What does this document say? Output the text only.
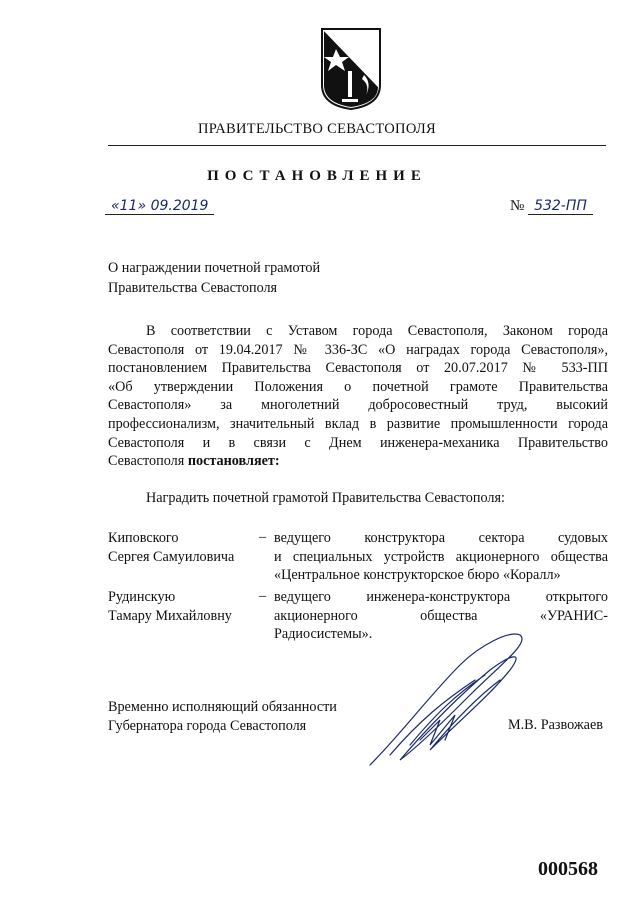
ПРАВИТЕЛЬСТВО СЕВАСТОПОЛЯ
ПОСТАНОВЛЕНИЕ
«11» 09.2019	№ 532-ПП
О награждении почетной грамотой
Правительства Севастополя
В соответствии с Уставом города Севастополя, Законом города
Севастополя от 19.04.2017 № 336-ЗС «О наградах города Севастополя»,
постановлением Правительства Севастополя от 20.07.2017 № 533-ПП
«Об утверждении Положения о почетной грамоте Правительства
Севастополя» за многолетний добросовестный труд, высокий
профессионализм, значительный вклад в развитие промышленности города
Севастополя и в связи с Днем инженера-механика Правительство
Севастополя постановляет:
Наградить почетной грамотой Правительства Севастополя:
Киповского
Сергея Самуиловича
– ведущего конструктора сектора судовых
и специальных устройств акционерного общества
«Центральное конструкторское бюро «Коралл»
Рудинскую
Тамару Михайловну
– ведущего инженера-конструктора открытого
акционерного общества «УРАНИС-
Радиосистемы».
Временно исполняющий обязанности
Губернатора города Севастополя	М.В. Развожаев
000568
